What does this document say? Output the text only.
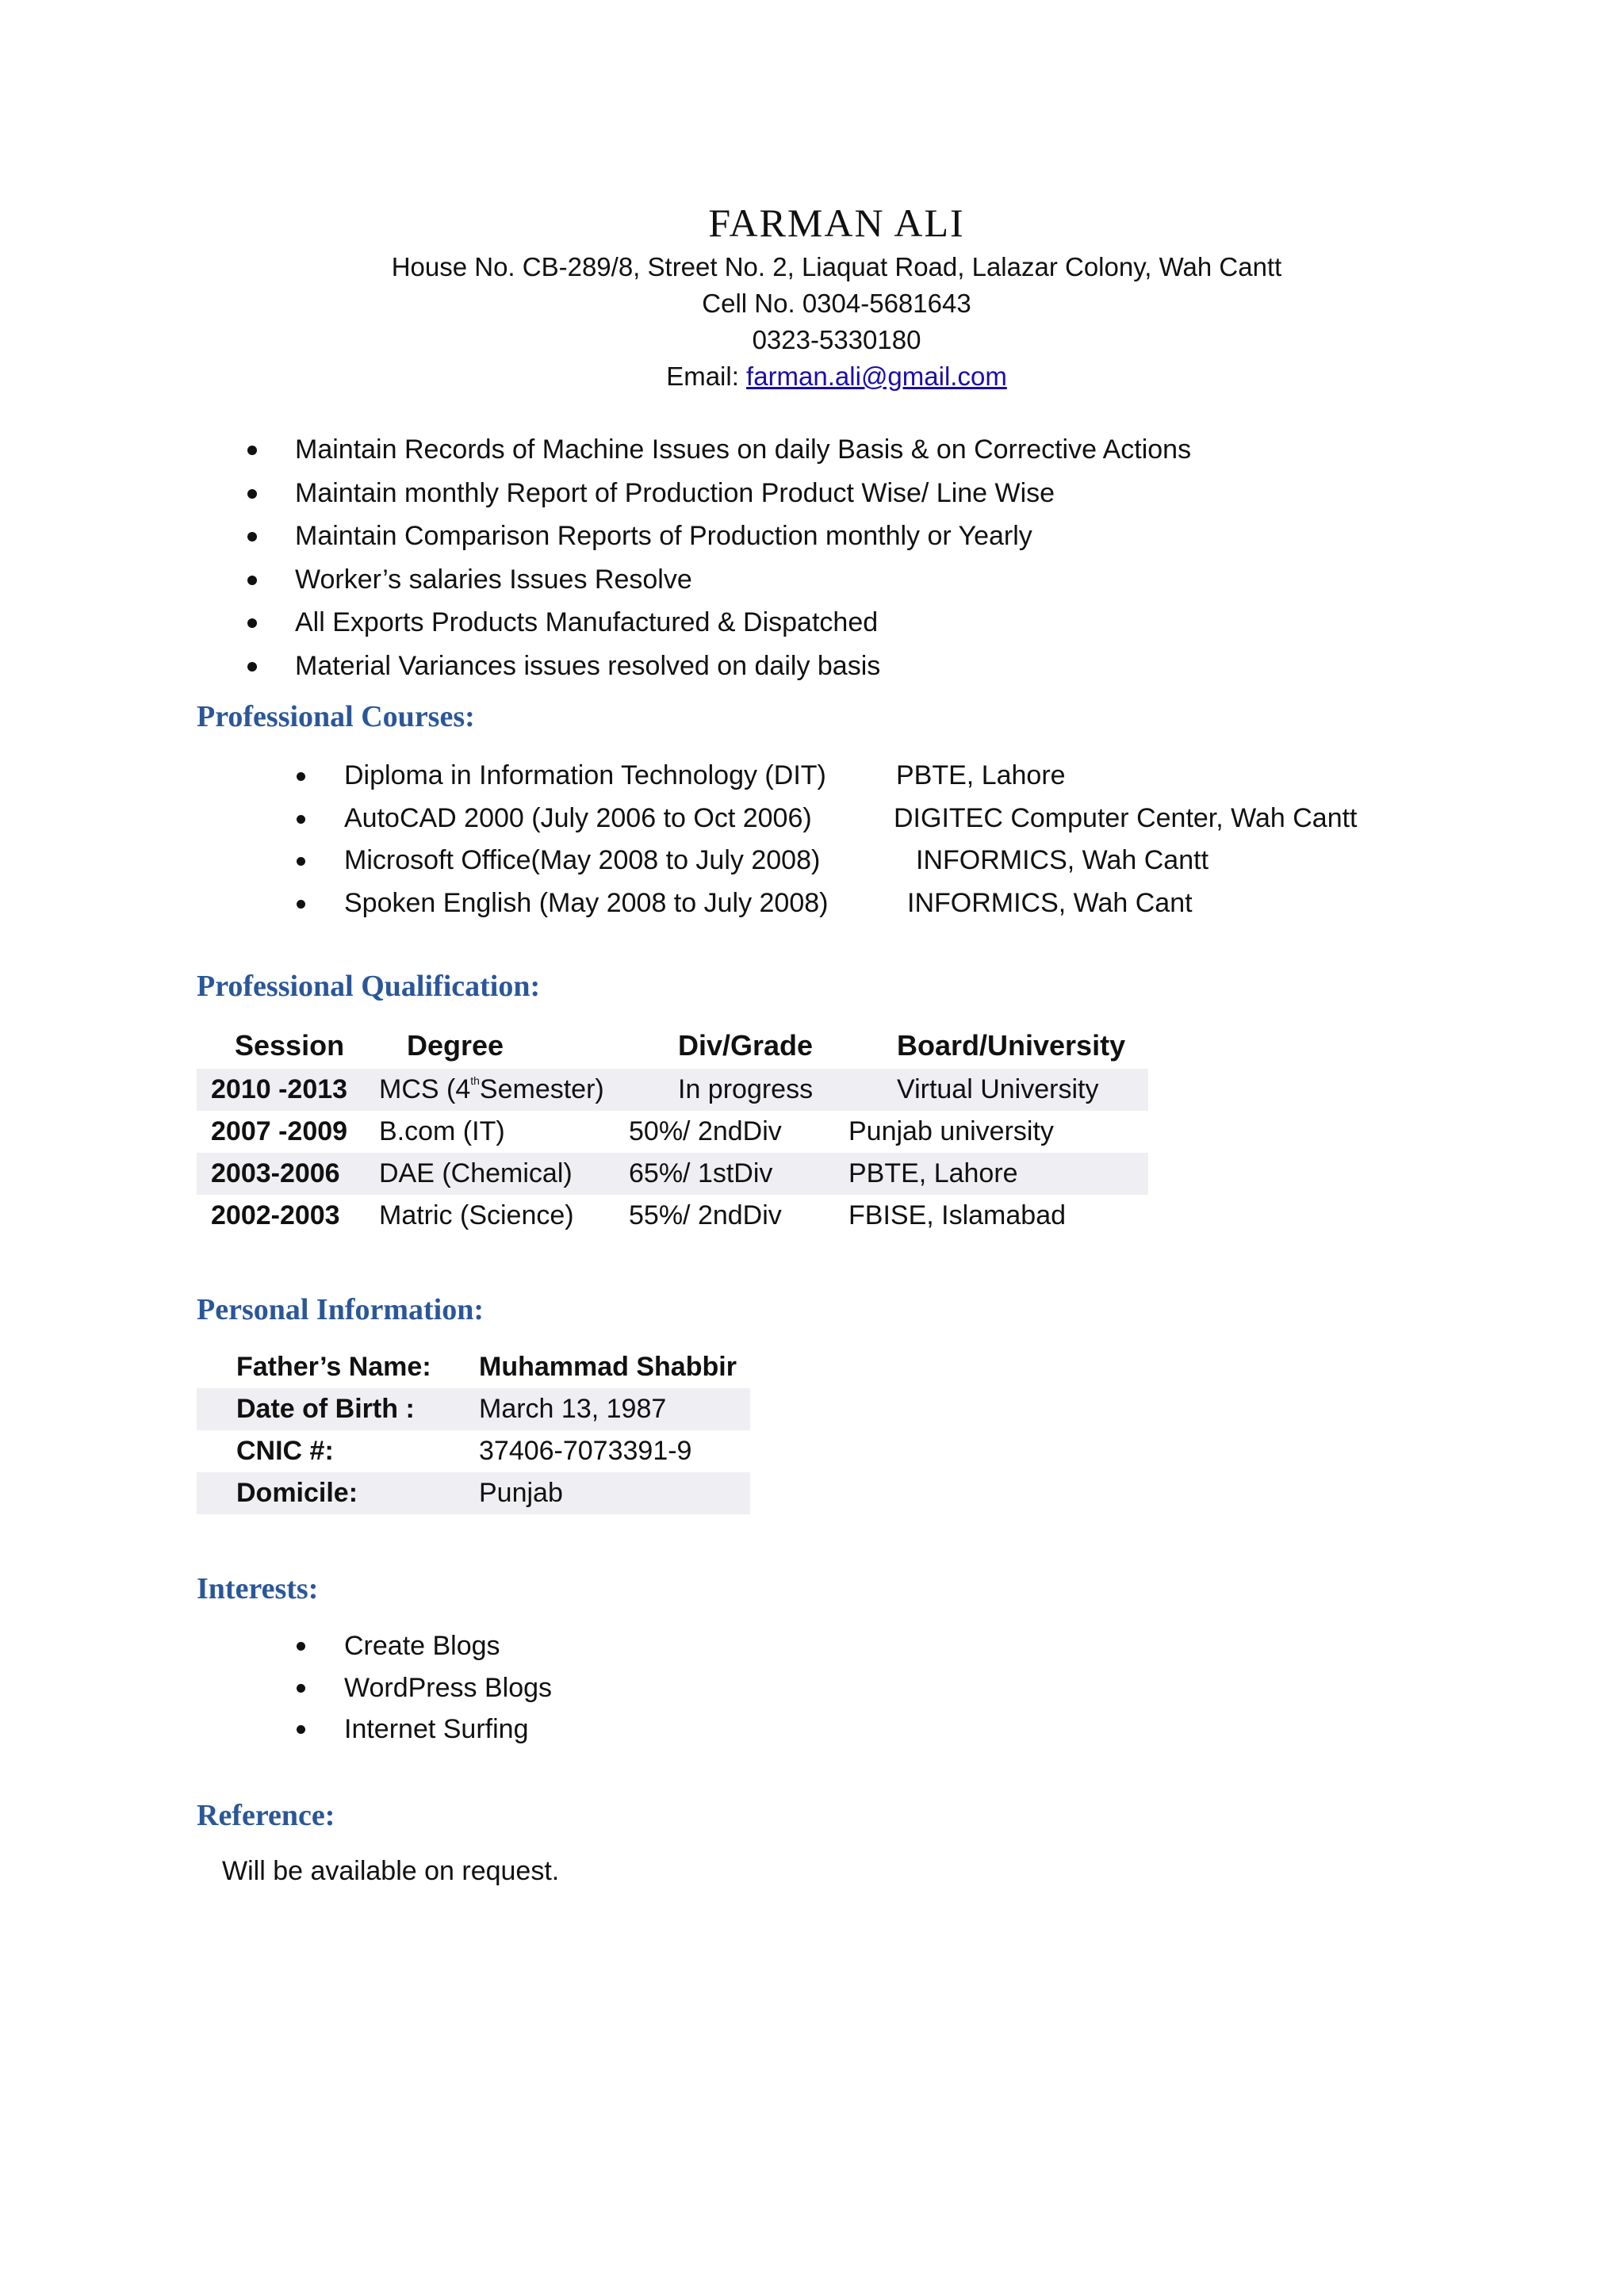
FARMAN ALI
House No. CB-289/8, Street No. 2, Liaquat Road, Lalazar Colony, Wah Cantt
Cell No. 0304-5681643
0323-5330180
Email: farman.ali@gmail.com
Maintain Records of Machine Issues on daily Basis & on Corrective Actions
Maintain monthly Report of Production Product Wise/ Line Wise
Maintain Comparison Reports of Production monthly or Yearly
Worker’s salaries Issues Resolve
All Exports Products Manufactured & Dispatched
Material Variances issues resolved on daily basis
Professional Courses:
Diploma in Information Technology (DIT)	PBTE, Lahore
AutoCAD 2000 (July 2006 to Oct 2006)	DIGITEC Computer Center, Wah Cantt
Microsoft Office(May 2008 to July 2008)	INFORMICS, Wah Cantt
Spoken English (May 2008 to July 2008)	INFORMICS, Wah Cant
Professional Qualification:
Session Degree	Div/Grade	Board/University
2010 -2013 MCS (4thSemester)	In progress	Virtual University
2007 -2009 B.com (IT)	50%/ 2ndDiv Punjab university
2003-2006 DAE (Chemical) 65%/ 1stDiv	PBTE, Lahore
2002-2003 Matric (Science) 55%/ 2ndDiv FBISE, Islamabad
Personal Information:
Father’s Name: Muhammad Shabbir
Date of Birth : March 13, 1987
CNIC #:	37406-7073391-9
Domicile:	Punjab
Interests:
Create Blogs
WordPress Blogs
Internet Surfing
Reference:
Will be available on request.
